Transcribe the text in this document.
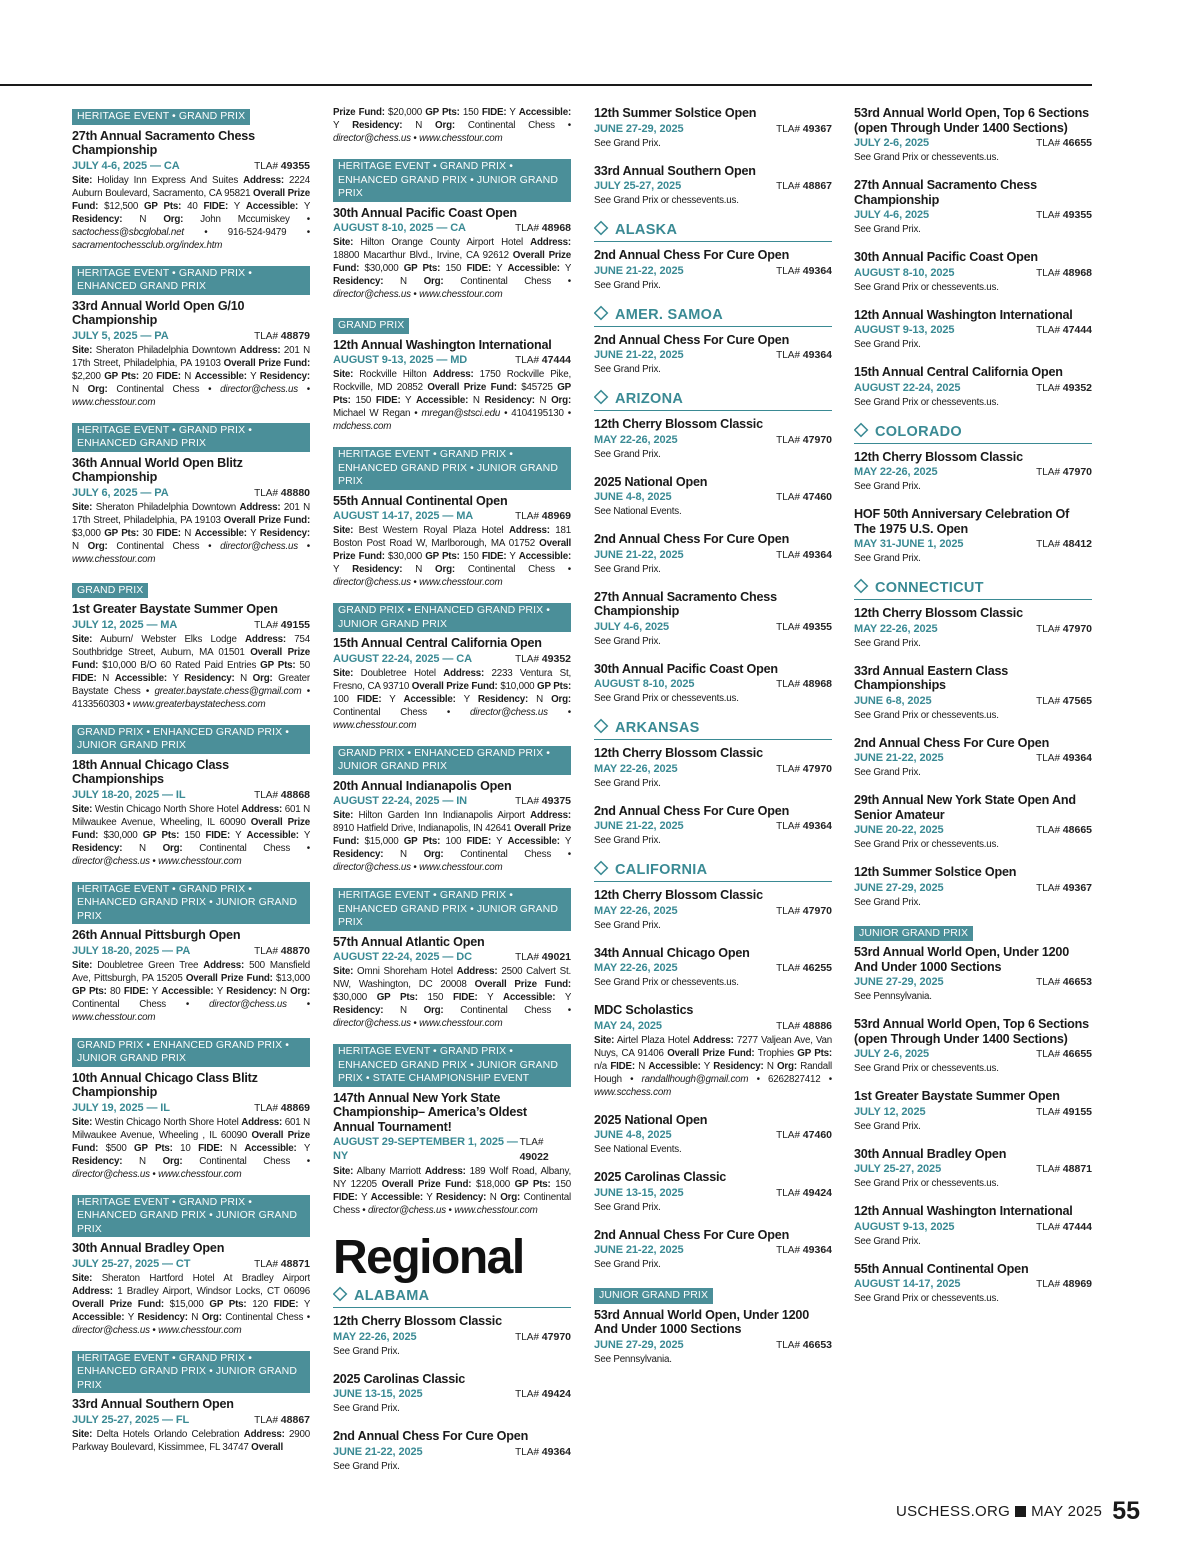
HERITAGE EVENT • GRAND PRIX
27th Annual Sacramento Chess Championship
JULY 4-6, 2025 — CA	TLA# 49355
Site: Holiday Inn Express And Suites Address: 2224 Auburn Boulevard, Sacramento, CA 95821 Overall Prize Fund: $12,500 GP Pts: 40 FIDE: Y Accessible: Y Residency: N Org: John Mccumiskey • sactochess@sbcglobal.net • 916-524-9479 • sacramentochessclub.org/index.htm
HERITAGE EVENT • GRAND PRIX • ENHANCED GRAND PRIX
33rd Annual World Open G/10 Championship
JULY 5, 2025 — PA	TLA# 48879
Site: Sheraton Philadelphia Downtown Address: 201 N 17th Street, Philadelphia, PA 19103 Overall Prize Fund: $2,200 GP Pts: 20 FIDE: N Accessible: Y Residency: N Org: Continental Chess • director@chess.us • www.chesstour.com
HERITAGE EVENT • GRAND PRIX • ENHANCED GRAND PRIX
36th Annual World Open Blitz Championship
JULY 6, 2025 — PA	TLA# 48880
Site: Sheraton Philadelphia Downtown Address: 201 N 17th Street, Philadelphia, PA 19103 Overall Prize Fund: $3,000 GP Pts: 30 FIDE: N Accessible: Y Residency: N Org: Continental Chess • director@chess.us • www.chesstour.com
GRAND PRIX
1st Greater Baystate Summer Open
JULY 12, 2025 — MA	TLA# 49155
Site: Auburn/ Webster Elks Lodge Address: 754 Southbridge Street, Auburn, MA 01501 Overall Prize Fund: $10,000 B/O 60 Rated Paid Entries GP Pts: 50 FIDE: N Accessible: Y Residency: N Org: Greater Baystate Chess • greater.baystate.chess@gmail.com • 4133560303 • www.greaterbaystatechess.com
GRAND PRIX • ENHANCED GRAND PRIX • JUNIOR GRAND PRIX
18th Annual Chicago Class Championships
JULY 18-20, 2025 — IL	TLA# 48868
Site: Westin Chicago North Shore Hotel Address: 601 N Milwaukee Avenue, Wheeling, IL 60090 Overall Prize Fund: $30,000 GP Pts: 150 FIDE: Y Accessible: Y Residency: N Org: Continental Chess • director@chess.us • www.chesstour.com
HERITAGE EVENT • GRAND PRIX • ENHANCED GRAND PRIX • JUNIOR GRAND PRIX
26th Annual Pittsburgh Open
JULY 18-20, 2025 — PA	TLA# 48870
Site: Doubletree Green Tree Address: 500 Mansfield Ave, Pittsburgh, PA 15205 Overall Prize Fund: $13,000 GP Pts: 80 FIDE: Y Accessible: Y Residency: N Org: Continental Chess • director@chess.us • www.chesstour.com
GRAND PRIX • ENHANCED GRAND PRIX • JUNIOR GRAND PRIX
10th Annual Chicago Class Blitz Championship
JULY 19, 2025 — IL	TLA# 48869
Site: Westin Chicago North Shore Hotel Address: 601 N Milwaukee Avenue, Wheeling , IL 60090 Overall Prize Fund: $500 GP Pts: 10 FIDE: N Accessible: Y Residency: N Org: Continental Chess • director@chess.us • www.chesstour.com
HERITAGE EVENT • GRAND PRIX • ENHANCED GRAND PRIX • JUNIOR GRAND PRIX
30th Annual Bradley Open
JULY 25-27, 2025 — CT	TLA# 48871
Site: Sheraton Hartford Hotel At Bradley Airport Address: 1 Bradley Airport, Windsor Locks, CT 06096 Overall Prize Fund: $15,000 GP Pts: 120 FIDE: Y Accessible: Y Residency: N Org: Continental Chess • director@chess.us • www.chesstour.com
HERITAGE EVENT • GRAND PRIX • ENHANCED GRAND PRIX • JUNIOR GRAND PRIX
33rd Annual Southern Open
JULY 25-27, 2025 — FL	TLA# 48867
Site: Delta Hotels Orlando Celebration Address: 2900 Parkway Boulevard, Kissimmee, FL 34747 Overall
Prize Fund: $20,000 GP Pts: 150 FIDE: Y Accessible: Y Residency: N Org: Continental Chess • director@chess.us • www.chesstour.com
HERITAGE EVENT • GRAND PRIX • ENHANCED GRAND PRIX • JUNIOR GRAND PRIX
30th Annual Pacific Coast Open
AUGUST 8-10, 2025 — CA	TLA# 48968
Site: Hilton Orange County Airport Hotel Address: 18800 Macarthur Blvd., Irvine, CA 92612 Overall Prize Fund: $30,000 GP Pts: 150 FIDE: Y Accessible: Y Residency: N Org: Continental Chess • director@chess.us • www.chesstour.com
GRAND PRIX
12th Annual Washington International
AUGUST 9-13, 2025 — MD	TLA# 47444
Site: Rockville Hilton Address: 1750 Rockville Pike, Rockville, MD 20852 Overall Prize Fund: $45725 GP Pts: 150 FIDE: Y Accessible: N Residency: N Org: Michael W Regan • mregan@stsci.edu • 4104195130 • mdchess.com
HERITAGE EVENT • GRAND PRIX • ENHANCED GRAND PRIX • JUNIOR GRAND PRIX
55th Annual Continental Open
AUGUST 14-17, 2025 — MA	TLA# 48969
Site: Best Western Royal Plaza Hotel Address: 181 Boston Post Road W, Marlborough, MA 01752 Overall Prize Fund: $30,000 GP Pts: 150 FIDE: Y Accessible: Y Residency: N Org: Continental Chess • director@chess.us • www.chesstour.com
GRAND PRIX • ENHANCED GRAND PRIX • JUNIOR GRAND PRIX
15th Annual Central California Open
AUGUST 22-24, 2025 — CA	TLA# 49352
Site: Doubletree Hotel Address: 2233 Ventura St, Fresno, CA 93710 Overall Prize Fund: $10,000 GP Pts: 100 FIDE: Y Accessible: Y Residency: N Org: Continental Chess • director@chess.us • www.chesstour.com
GRAND PRIX • ENHANCED GRAND PRIX • JUNIOR GRAND PRIX
20th Annual Indianapolis Open
AUGUST 22-24, 2025 — IN	TLA# 49375
Site: Hilton Garden Inn Indianapolis Airport Address: 8910 Hatfield Drive, Indianapolis, IN 42641 Overall Prize Fund: $15,000 GP Pts: 100 FIDE: Y Accessible: Y Residency: N Org: Continental Chess • director@chess.us • www.chesstour.com
HERITAGE EVENT • GRAND PRIX • ENHANCED GRAND PRIX • JUNIOR GRAND PRIX
57th Annual Atlantic Open
AUGUST 22-24, 2025 — DC	TLA# 49021
Site: Omni Shoreham Hotel Address: 2500 Calvert St. NW, Washington, DC 20008 Overall Prize Fund: $30,000 GP Pts: 150 FIDE: Y Accessible: Y Residency: N Org: Continental Chess • director@chess.us • www.chesstour.com
HERITAGE EVENT • GRAND PRIX • ENHANCED GRAND PRIX • JUNIOR GRAND PRIX • STATE CHAMPIONSHIP EVENT
147th Annual New York State Championship– America’s Oldest Annual Tournament!
AUGUST 29-SEPTEMBER 1, 2025 — NY
TLA# 49022
Site: Albany Marriott Address: 189 Wolf Road, Albany, NY 12205 Overall Prize Fund: $18,000 GP Pts: 150 FIDE: Y Accessible: Y Residency: N Org: Continental Chess • director@chess.us • www.chesstour.com
Regional
ALABAMA
12th Cherry Blossom Classic
MAY 22-26, 2025	TLA# 47970
See Grand Prix.
2025 Carolinas Classic
JUNE 13-15, 2025	TLA# 49424
See Grand Prix.
2nd Annual Chess For Cure Open
JUNE 21-22, 2025	TLA# 49364
See Grand Prix.
12th Summer Solstice Open
JUNE 27-29, 2025	TLA# 49367
See Grand Prix.
33rd Annual Southern Open
JULY 25-27, 2025	TLA# 48867
See Grand Prix or chessevents.us.
ALASKA
2nd Annual Chess For Cure Open
JUNE 21-22, 2025	TLA# 49364
See Grand Prix.
AMER. SAMOA
2nd Annual Chess For Cure Open
JUNE 21-22, 2025	TLA# 49364
See Grand Prix.
ARIZONA
12th Cherry Blossom Classic
MAY 22-26, 2025	TLA# 47970
See Grand Prix.
2025 National Open
JUNE 4-8, 2025	TLA# 47460
See National Events.
2nd Annual Chess For Cure Open
JUNE 21-22, 2025	TLA# 49364
See Grand Prix.
27th Annual Sacramento Chess Championship
JULY 4-6, 2025	TLA# 49355
See Grand Prix.
30th Annual Pacific Coast Open
AUGUST 8-10, 2025	TLA# 48968
See Grand Prix or chessevents.us.
ARKANSAS
12th Cherry Blossom Classic
MAY 22-26, 2025	TLA# 47970
See Grand Prix.
2nd Annual Chess For Cure Open
JUNE 21-22, 2025	TLA# 49364
See Grand Prix.
CALIFORNIA
12th Cherry Blossom Classic
MAY 22-26, 2025	TLA# 47970
See Grand Prix.
34th Annual Chicago Open
MAY 22-26, 2025	TLA# 46255
See Grand Prix or chessevents.us.
MDC Scholastics
MAY 24, 2025	TLA# 48886
Site: Airtel Plaza Hotel Address: 7277 Valjean Ave, Van Nuys, CA 91406 Overall Prize Fund: Trophies GP Pts: n/a FIDE: N Accessible: Y Residency: N Org: Randall Hough • randallhough@gmail.com • 6262827412 • www.scchess.com
2025 National Open
JUNE 4-8, 2025	TLA# 47460
See National Events.
2025 Carolinas Classic
JUNE 13-15, 2025	TLA# 49424
See Grand Prix.
2nd Annual Chess For Cure Open
JUNE 21-22, 2025	TLA# 49364
See Grand Prix.
JUNIOR GRAND PRIX
53rd Annual World Open, Under 1200 And Under 1000 Sections
JUNE 27-29, 2025	TLA# 46653
See Pennsylvania.
53rd Annual World Open, Top 6 Sections (open Through Under 1400 Sections)
JULY 2-6, 2025	TLA# 46655
See Grand Prix or chessevents.us.
27th Annual Sacramento Chess Championship
JULY 4-6, 2025	TLA# 49355
See Grand Prix.
30th Annual Pacific Coast Open
AUGUST 8-10, 2025	TLA# 48968
See Grand Prix or chessevents.us.
12th Annual Washington International
AUGUST 9-13, 2025	TLA# 47444
See Grand Prix.
15th Annual Central California Open
AUGUST 22-24, 2025	TLA# 49352
See Grand Prix or chessevents.us.
COLORADO
12th Cherry Blossom Classic
MAY 22-26, 2025	TLA# 47970
See Grand Prix.
HOF 50th Anniversary Celebration Of The 1975 U.S. Open
MAY 31-JUNE 1, 2025	TLA# 48412
See Grand Prix.
CONNECTICUT
12th Cherry Blossom Classic
MAY 22-26, 2025	TLA# 47970
See Grand Prix.
33rd Annual Eastern Class Championships
JUNE 6-8, 2025	TLA# 47565
See Grand Prix or chessevents.us.
2nd Annual Chess For Cure Open
JUNE 21-22, 2025	TLA# 49364
See Grand Prix.
29th Annual New York State Open And Senior Amateur
JUNE 20-22, 2025	TLA# 48665
See Grand Prix or chessevents.us.
12th Summer Solstice Open
JUNE 27-29, 2025	TLA# 49367
See Grand Prix.
JUNIOR GRAND PRIX
53rd Annual World Open, Under 1200 And Under 1000 Sections
JUNE 27-29, 2025	TLA# 46653
See Pennsylvania.
53rd Annual World Open, Top 6 Sections (open Through Under 1400 Sections)
JULY 2-6, 2025	TLA# 46655
See Grand Prix or chessevents.us.
1st Greater Baystate Summer Open
JULY 12, 2025	TLA# 49155
See Grand Prix.
30th Annual Bradley Open
JULY 25-27, 2025	TLA# 48871
See Grand Prix or chessevents.us.
12th Annual Washington International
AUGUST 9-13, 2025	TLA# 47444
See Grand Prix.
55th Annual Continental Open
AUGUST 14-17, 2025	TLA# 48969
See Grand Prix or chessevents.us.
USCHESS.ORG MAY 2025 55
